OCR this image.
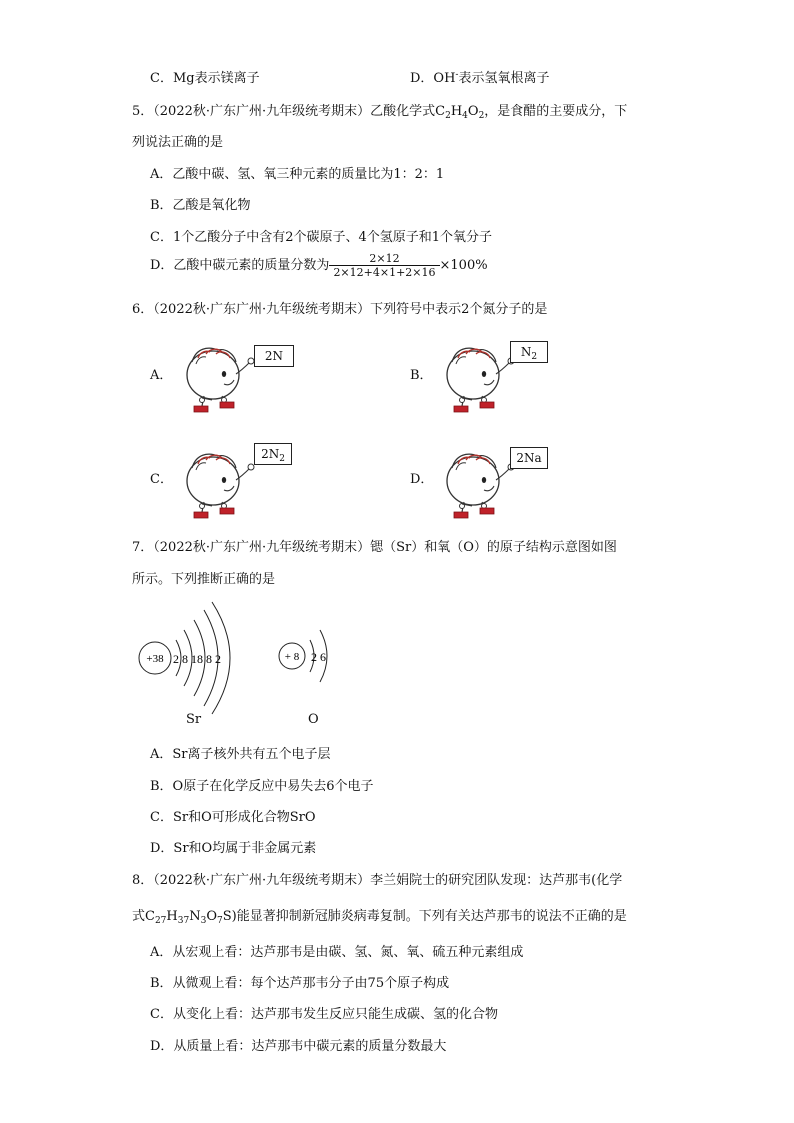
C．Mg表示镁离子	D．OH-表示氢氧根离子
5．（2022秋·广东广州·九年级统考期末）乙酸化学式$C_2H_4O_2$，是食醋的主要成分，下
列说法正确的是
A．乙酸中碳、氢、氧三种元素的质量比为1：2：1
B．乙酸是氧化物
C．1个乙酸分子中含有2个碳原子、4个氢原子和1个氧分子
D．乙酸中碳元素的质量分数为 $\frac{2\times 12}{2\times 12+4\times 1+2\times 16} \times 100\%$
6．（2022秋·广东广州·九年级统考期末）下列符号中表示2个氮分子的是
A．
2N
B．
$N_2$
C．
$2N_2$
D．
2Na
7．（2022秋·广东广州·九年级统考期末）锶（Sr）和氧（O）的原子结构示意图如图
所示。下列推断正确的是
+38 2 8 18 8 2	+ 8 2 6
Sr	O
A．Sr离子核外共有五个电子层
B．O原子在化学反应中易失去6个电子
C．Sr和O可形成化合物SrO
D．Sr和O均属于非金属元素
8．（2022秋·广东广州·九年级统考期末）李兰娟院士的研究团队发现：达芦那韦(化学
式$C_{27}H_{37}N_3O_7S$)能显著抑制新冠肺炎病毒复制。下列有关达芦那韦的说法不正确的是
A．从宏观上看：达芦那韦是由碳、氢、氮、氧、硫五种元素组成
B．从微观上看：每个达芦那韦分子由75个原子构成
C．从变化上看：达芦那韦发生反应只能生成碳、氢的化合物
D．从质量上看：达芦那韦中碳元素的质量分数最大
